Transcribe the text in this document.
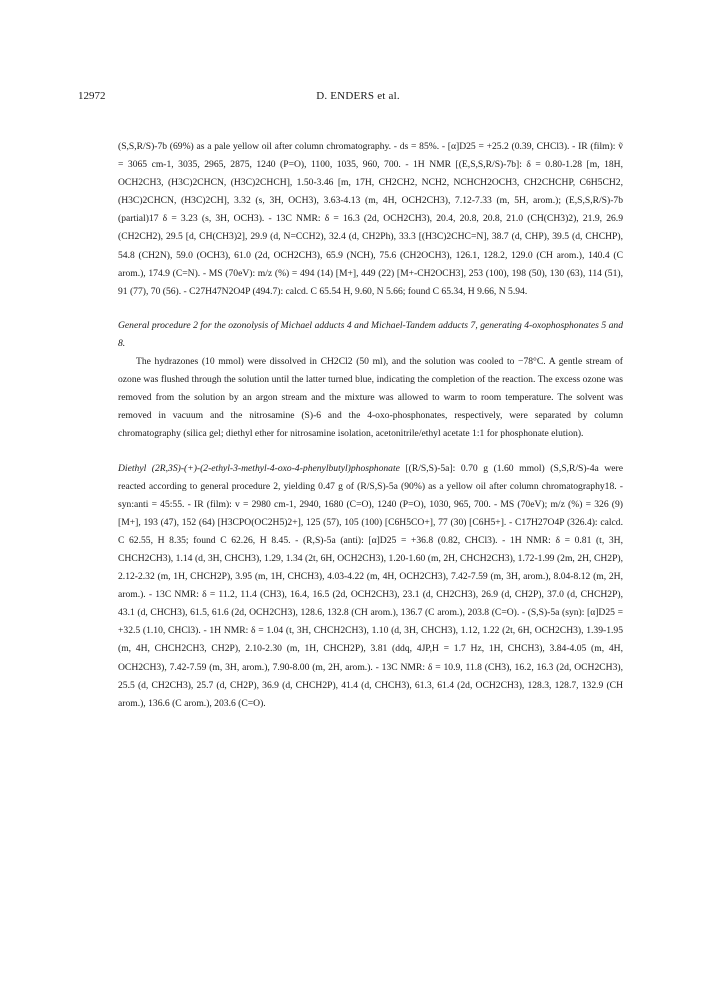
12972	D. ENDERS et al.

(S,S,R/S)-7b (69%) as a pale yellow oil after column chromatography. - ds = 85%. - [α]D25 = +25.2 (0.39, CHCl3). - IR (film): ṽ = 3065 cm-1, 3035, 2965, 2875, 1240 (P=O), 1100, 1035, 960, 700. - 1H NMR [(E,S,S,R/S)-7b]: δ = 0.80-1.28 [m, 18H, OCH2CH3, (H3C)2CHCN, (H3C)2CHCH], 1.50-3.46 [m, 17H, CH2CH2, NCH2, NCHCH2OCH3, CH2CHCHP, C6H5CH2, (H3C)2CHCN, (H3C)2CH], 3.32 (s, 3H, OCH3), 3.63-4.13 (m, 4H, OCH2CH3), 7.12-7.33 (m, 5H, arom.); (E,S,S,R/S)-7b (partial)17 δ = 3.23 (s, 3H, OCH3). - 13C NMR: δ = 16.3 (2d, OCH2CH3), 20.4, 20.8, 20.8, 21.0 (CH(CH3)2), 21.9, 26.9 (CH2CH2), 29.5 [d, CH(CH3)2], 29.9 (d, N=CCH2), 32.4 (d, CH2Ph), 33.3 [(H3C)2CHC=N], 38.7 (d, CHP), 39.5 (d, CHCHP), 54.8 (CH2N), 59.0 (OCH3), 61.0 (2d, OCH2CH3), 65.9 (NCH), 75.6 (CH2OCH3), 126.1, 128.2, 129.0 (CH arom.), 140.4 (C arom.), 174.9 (C=N). - MS (70eV): m/z (%) = 494 (14) [M+], 449 (22) [M+-CH2OCH3], 253 (100), 198 (50), 130 (63), 114 (51), 91 (77), 70 (56). - C27H47N2O4P (494.7): calcd. C 65.54 H, 9.60, N 5.66; found C 65.34, H 9.66, N 5.94.

General procedure 2 for the ozonolysis of Michael adducts 4 and Michael-Tandem adducts 7, generating 4-oxophosphonates 5 and 8.

The hydrazones (10 mmol) were dissolved in CH2Cl2 (50 ml), and the solution was cooled to −78°C. A gentle stream of ozone was flushed through the solution until the latter turned blue, indicating the completion of the reaction. The excess ozone was removed from the solution by an argon stream and the mixture was allowed to warm to room temperature. The solvent was removed in vacuum and the nitrosamine (S)-6 and the 4-oxo-phosphonates, respectively, were separated by column chromatography (silica gel; diethyl ether for nitrosamine isolation, acetonitrile/ethyl acetate 1:1 for phosphonate elution).

Diethyl (2R,3S)-(+)-(2-ethyl-3-methyl-4-oxo-4-phenylbutyl)phosphonate [(R/S,S)-5a]: 0.70 g (1.60 mmol) (S,S,R/S)-4a were reacted according to general procedure 2, yielding 0.47 g of (R/S,S)-5a (90%) as a yellow oil after column chromatography18. - syn:anti = 45:55. - IR (film): v = 2980 cm-1, 2940, 1680 (C=O), 1240 (P=O), 1030, 965, 700. - MS (70eV); m/z (%) = 326 (9) [M+], 193 (47), 152 (64) [H3CPO(OC2H5)2+], 125 (57), 105 (100) [C6H5CO+], 77 (30) [C6H5+]. - C17H27O4P (326.4): calcd. C 62.55, H 8.35; found C 62.26, H 8.45. - (R,S)-5a (anti): [α]D25 = +36.8 (0.82, CHCl3). - 1H NMR: δ = 0.81 (t, 3H, CHCH2CH3), 1.14 (d, 3H, CHCH3), 1.29, 1.34 (2t, 6H, OCH2CH3), 1.20-1.60 (m, 2H, CHCH2CH3), 1.72-1.99 (2m, 2H, CH2P), 2.12-2.32 (m, 1H, CHCH2P), 3.95 (m, 1H, CHCH3), 4.03-4.22 (m, 4H, OCH2CH3), 7.42-7.59 (m, 3H, arom.), 8.04-8.12 (m, 2H, arom.). - 13C NMR: δ = 11.2, 11.4 (CH3), 16.4, 16.5 (2d, OCH2CH3), 23.1 (d, CH2CH3), 26.9 (d, CH2P), 37.0 (d, CHCH2P), 43.1 (d, CHCH3), 61.5, 61.6 (2d, OCH2CH3), 128.6, 132.8 (CH arom.), 136.7 (C arom.), 203.8 (C=O). - (S,S)-5a (syn): [α]D25 = +32.5 (1.10, CHCl3). - 1H NMR: δ = 1.04 (t, 3H, CHCH2CH3), 1.10 (d, 3H, CHCH3), 1.12, 1.22 (2t, 6H, OCH2CH3), 1.39-1.95 (m, 4H, CHCH2CH3, CH2P), 2.10-2.30 (m, 1H, CHCH2P), 3.81 (ddq, 4JP,H = 1.7 Hz, 1H, CHCH3), 3.84-4.05 (m, 4H, OCH2CH3), 7.42-7.59 (m, 3H, arom.), 7.90-8.00 (m, 2H, arom.). - 13C NMR: δ = 10.9, 11.8 (CH3), 16.2, 16.3 (2d, OCH2CH3), 25.5 (d, CH2CH3), 25.7 (d, CH2P), 36.9 (d, CHCH2P), 41.4 (d, CHCH3), 61.3, 61.4 (2d, OCH2CH3), 128.3, 128.7, 132.9 (CH arom.), 136.6 (C arom.), 203.6 (C=O).
